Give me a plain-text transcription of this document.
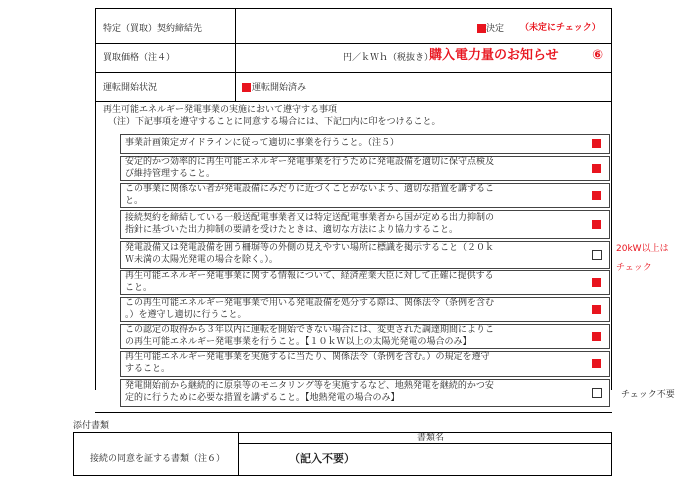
特定（買取）契約締結先	決定 （未定にチェック）
買取価格（注４）	円／ｋＷｈ（税抜き）
購入電力量のお知らせ	⑥
運転開始状況	運転開始済み
再生可能エネルギー発電事業の実施において遵守する事項
（注）下記事項を遵守することに同意する場合には、下記□内に印をつけること。
事業計画策定ガイドラインに従って適切に事業を行うこと。（注５）
安定的かつ効率的に再生可能エネルギー発電事業を行うために発電設備を適切に保守点検及
び維持管理すること。
この事業に関係ない者が発電設備にみだりに近づくことがないよう、適切な措置を講ずるこ
と。
接続契約を締結している一般送配電事業者又は特定送配電事業者から国が定める出力抑制の
指針に基づいた出力抑制の要請を受けたときは、適切な方法により協力すること。
発電設備又は発電設備を囲う柵塀等の外側の見えやすい場所に標識を掲示すること（２０ｋ
Ｗ未満の太陽光発電の場合を除く。）。
再生可能エネルギー発電事業に関する情報について、経済産業大臣に対して正確に提供する
こと。
この再生可能エネルギー発電事業で用いる発電設備を処分する際は、関係法令（条例を含む
。）を遵守し適切に行うこと。
この認定の取得から３年以内に運転を開始できない場合には、変更された調達期間によりこ
の再生可能エネルギー発電事業を行うこと。【１０ｋＷ以上の太陽光発電の場合のみ】
再生可能エネルギー発電事業を実施するに当たり、関係法令（条例を含む。）の規定を遵守
すること。
発電開始前から継続的に原泉等のモニタリング等を実施するなど、地熱発電を継続的かつ安
定的に行うために必要な措置を講ずること。【地熱発電の場合のみ】
20kW以上は
チェック
チェック不要
添付書類
書類名
接続の同意を証する書類（注６）	（記入不要）
